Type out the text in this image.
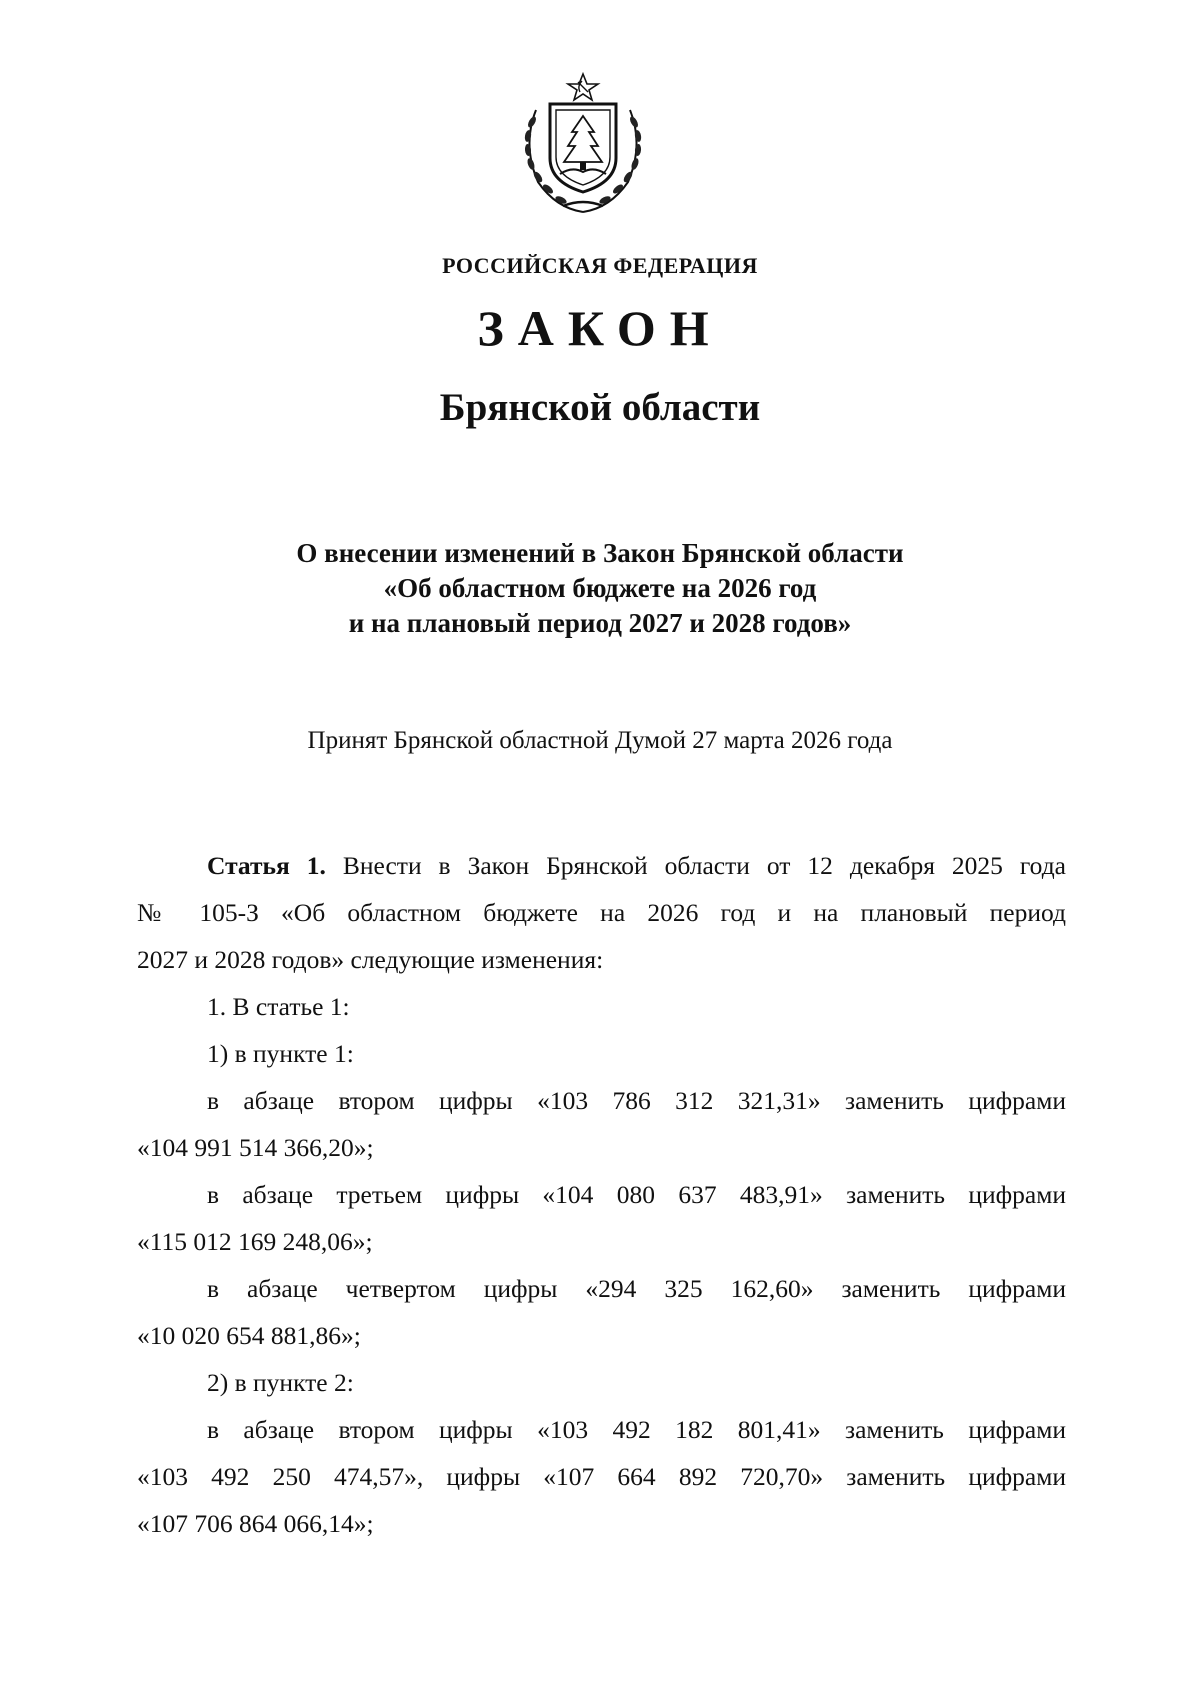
РОССИЙСКАЯ ФЕДЕРАЦИЯ

ЗАКОН

Брянской области

О внесении изменений в Закон Брянской области
«Об областном бюджете на 2026 год
и на плановый период 2027 и 2028 годов»

Принят Брянской областной Думой 27 марта 2026 года

Статья 1. Внести в Закон Брянской области от 12 декабря 2025 года

№ 105-З «Об областном бюджете на 2026 год и на плановый период

2027 и 2028 годов» следующие изменения:

1. В статье 1:

1) в пункте 1:

в абзаце втором цифры «103 786 312 321,31» заменить цифрами

«104 991 514 366,20»;

в абзаце третьем цифры «104 080 637 483,91» заменить цифрами

«115 012 169 248,06»;

в абзаце четвертом цифры «294 325 162,60» заменить цифрами

«10 020 654 881,86»;

2) в пункте 2:

в абзаце втором цифры «103 492 182 801,41» заменить цифрами

«103 492 250 474,57», цифры «107 664 892 720,70» заменить цифрами

«107 706 864 066,14»;
